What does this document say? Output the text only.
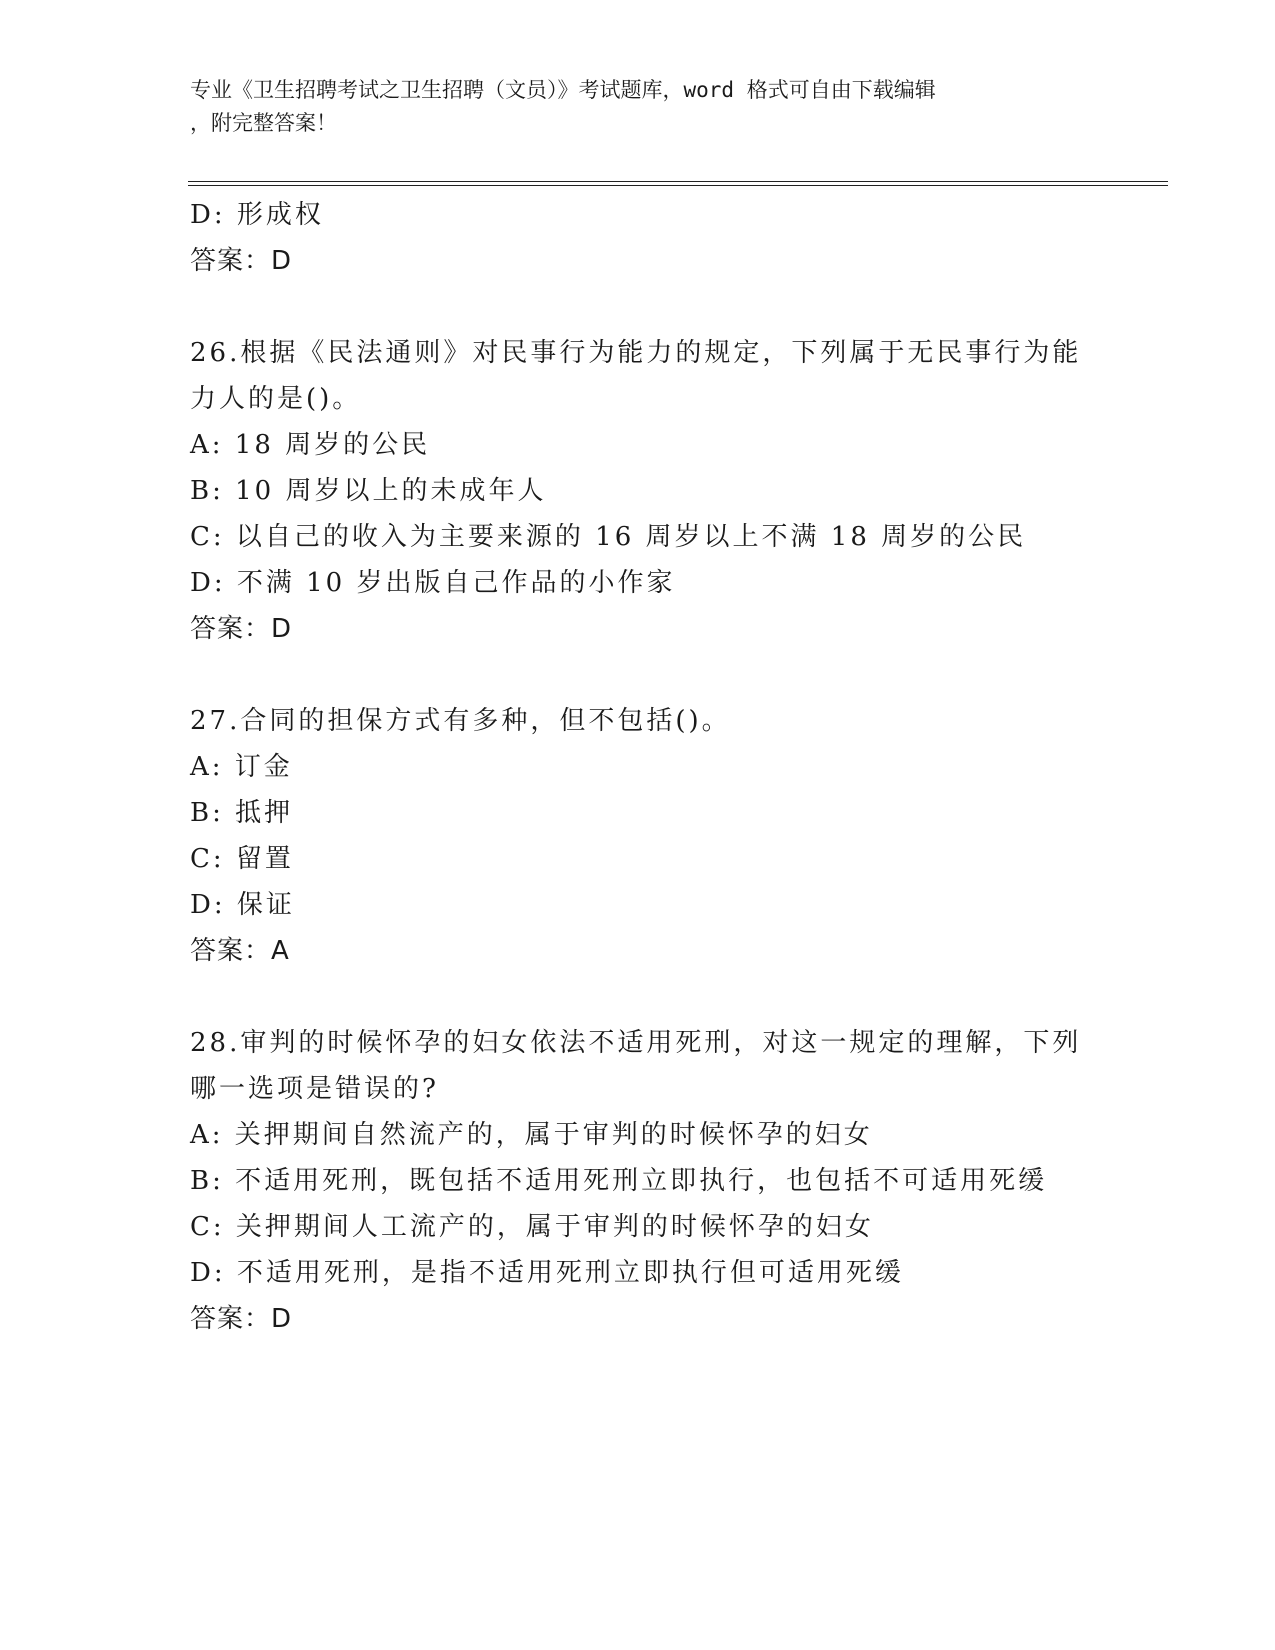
专业《卫生招聘考试之卫生招聘（文员）》考试题库，word 格式可自由下载编辑
，附完整答案！
D: 形成权
答案：D
26.根据《民法通则》对民事行为能力的规定，下列属于无民事行为能
力人的是()。
A: 18 周岁的公民
B: 10 周岁以上的未成年人
C: 以自己的收入为主要来源的 16 周岁以上不满 18 周岁的公民
D: 不满 10 岁出版自己作品的小作家
答案：D
27.合同的担保方式有多种，但不包括()。
A: 订金
B: 抵押
C: 留置
D: 保证
答案：A
28.审判的时候怀孕的妇女依法不适用死刑，对这一规定的理解，下列
哪一选项是错误的?
A: 关押期间自然流产的，属于审判的时候怀孕的妇女
B: 不适用死刑，既包括不适用死刑立即执行，也包括不可适用死缓
C: 关押期间人工流产的，属于审判的时候怀孕的妇女
D: 不适用死刑，是指不适用死刑立即执行但可适用死缓
答案：D
